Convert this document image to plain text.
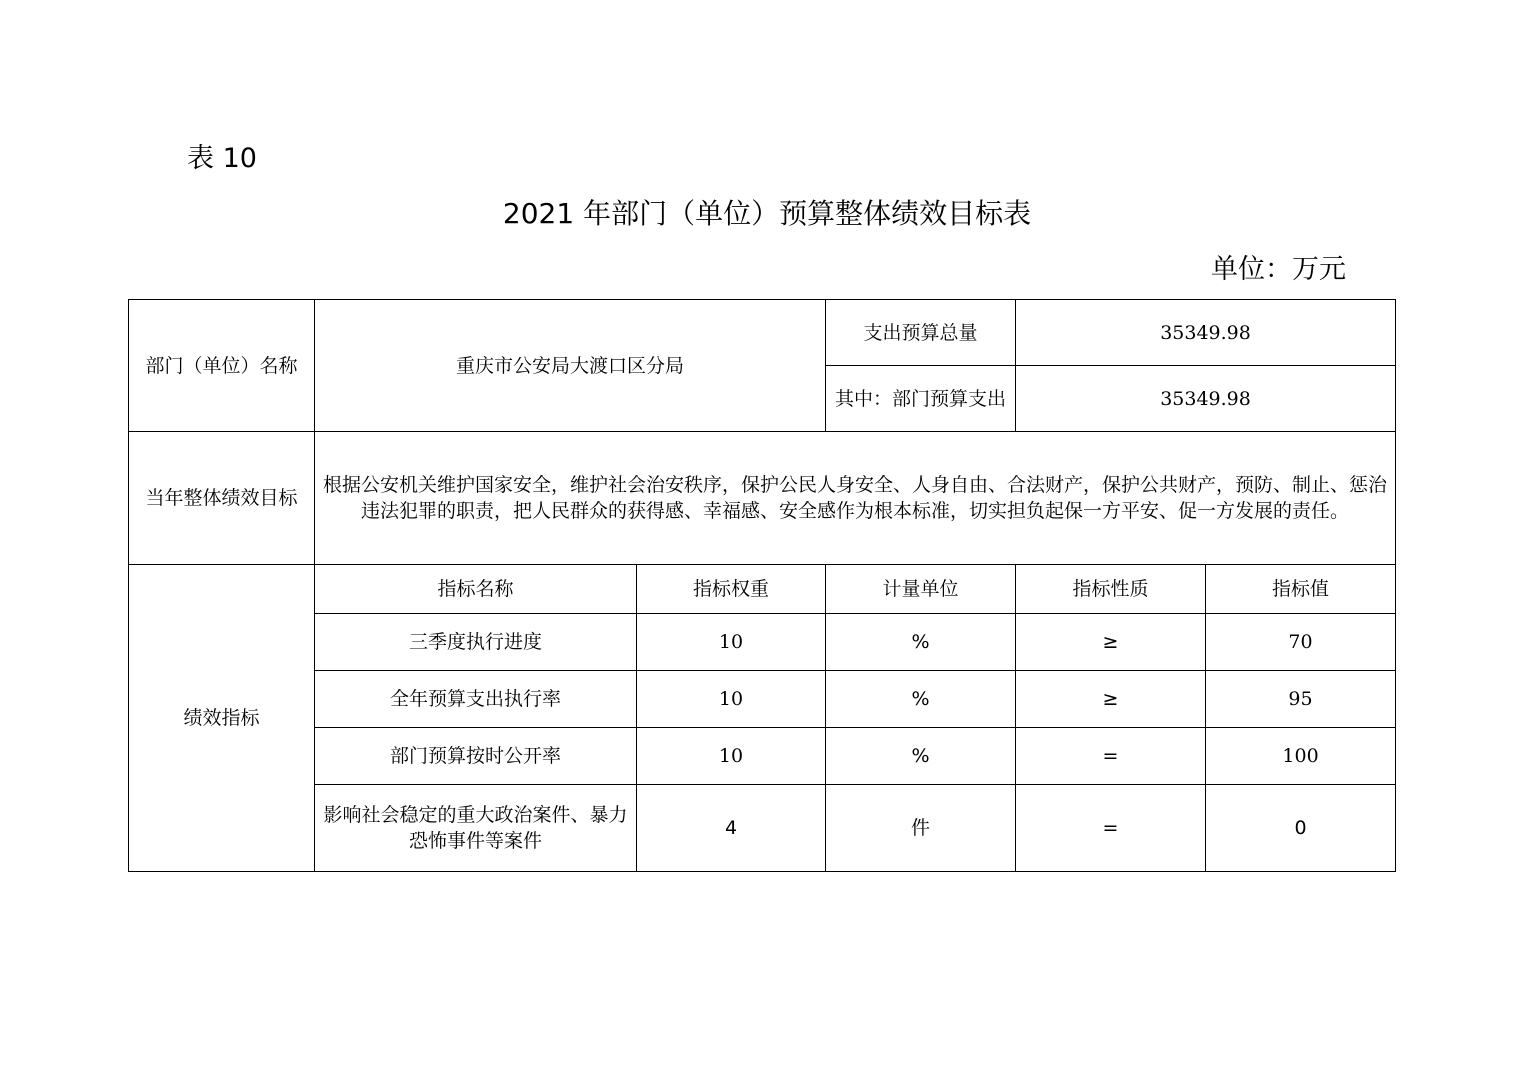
表 10
2021 年部门（单位）预算整体绩效目标表
单位：万元
部门（单位）名称	重庆市公安局大渡口区分局		支出预算总量	35349.98	
			其中：部门预算支出	35349.98	
当年整体绩效目标	根据公安机关维护国家安全，维护社会治安秩序，保护公民人身安全、人身自由、合法财产，保护公共财产，预防、制止、惩治违法犯罪的职责，把人民群众的获得感、幸福感、安全感作为根本标准，切实担负起保一方平安、促一方发展的责任。				
绩效指标	指标名称	指标权重	计量单位	指标性质	指标值
	三季度执行进度	10	%	≥	70
	全年预算支出执行率	10	%	≥	95
	部门预算按时公开率	10	%	=	100
	影响社会稳定的重大政治案件、暴力恐怖事件等案件	4	件	=	0
